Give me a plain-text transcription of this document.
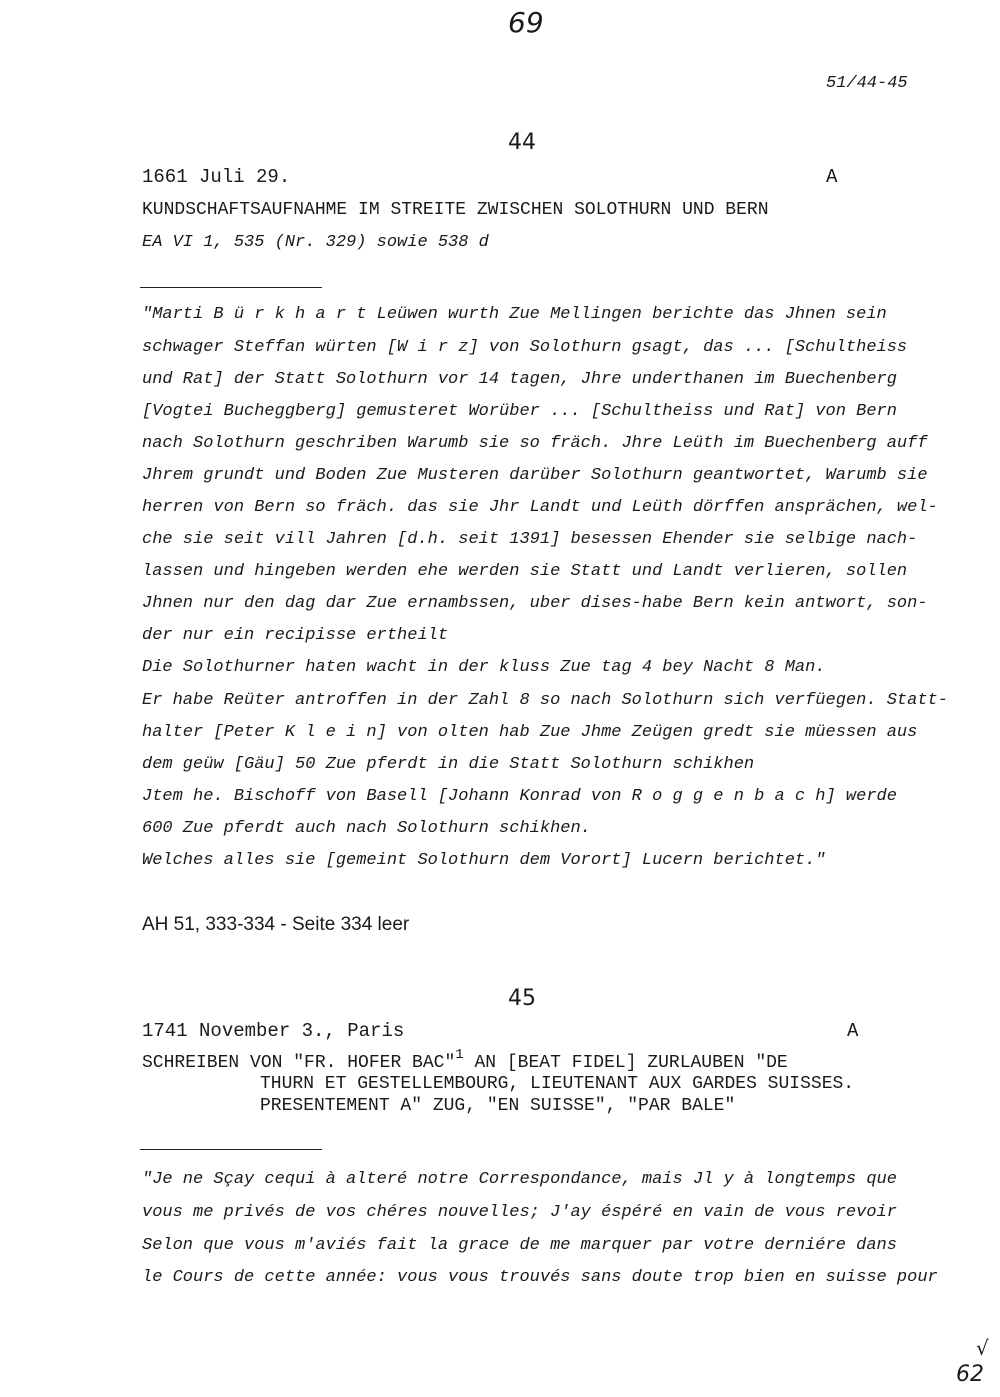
69
51/44-45
44
1661 Juli 29.	A
KUNDSCHAFTSAUFNAHME IM STREITE ZWISCHEN SOLOTHURN UND BERN
EA VI 1, 535 (Nr. 329) sowie 538 d

"Marti B ü r k h a r t Leüwen wurth Zue Mellingen berichte das Jhnen sein

schwager Steffan würten [W i r z] von Solothurn gsagt, das ... [Schultheiss

und Rat] der Statt Solothurn vor 14 tagen, Jhre underthanen im Buechenberg

[Vogtei Bucheggberg] gemusteret Worüber ... [Schultheiss und Rat] von Bern

nach Solothurn geschriben Warumb sie so fräch. Jhre Leüth im Buechenberg auff

Jhrem grundt und Boden Zue Musteren darüber Solothurn geantwortet, Warumb sie

herren von Bern so fräch. das sie Jhr Landt und Leüth dörffen ansprächen, wel-

che sie seit vill Jahren [d.h. seit 1391] besessen Ehender sie selbige nach-

lassen und hingeben werden ehe werden sie Statt und Landt verlieren, sollen

Jhnen nur den dag dar Zue ernambssen, uber dises-habe Bern kein antwort, son-

der nur ein recipisse ertheilt

Die Solothurner haten wacht in der kluss Zue tag 4 bey Nacht 8 Man.

Er habe Reüter antroffen in der Zahl 8 so nach Solothurn sich verfüegen. Statt-

halter [Peter K l e i n] von olten hab Zue Jhme Zeügen gredt sie müessen aus

dem geüw [Gäu] 50 Zue pferdt in die Statt Solothurn schikhen

Jtem he. Bischoff von Basell [Johann Konrad von R o g g e n b a c h] werde

600 Zue pferdt auch nach Solothurn schikhen.

Welches alles sie [gemeint Solothurn dem Vorort] Lucern berichtet."

AH 51, 333-334 - Seite 334 leer
45
1741 November 3., Paris	A
SCHREIBEN VON "FR. HOFER BAC"$^1$ AN [BEAT FIDEL] ZURLAUBEN "DE
THURN ET GESTELLEMBOURG, LIEUTENANT AUX GARDES SUISSES.
PRESENTEMENT A" ZUG, "EN SUISSE", "PAR BALE"

"Je ne Sçay cequi à alteré notre Correspondance, mais Jl y à longtemps que

vous me privés de vos chéres nouvelles; J'ay éspéré en vain de vous revoir

Selon que vous m'aviés fait la grace de me marquer par votre derniére dans

le Cours de cette année: vous vous trouvés sans doute trop bien en suisse pour

√
62
